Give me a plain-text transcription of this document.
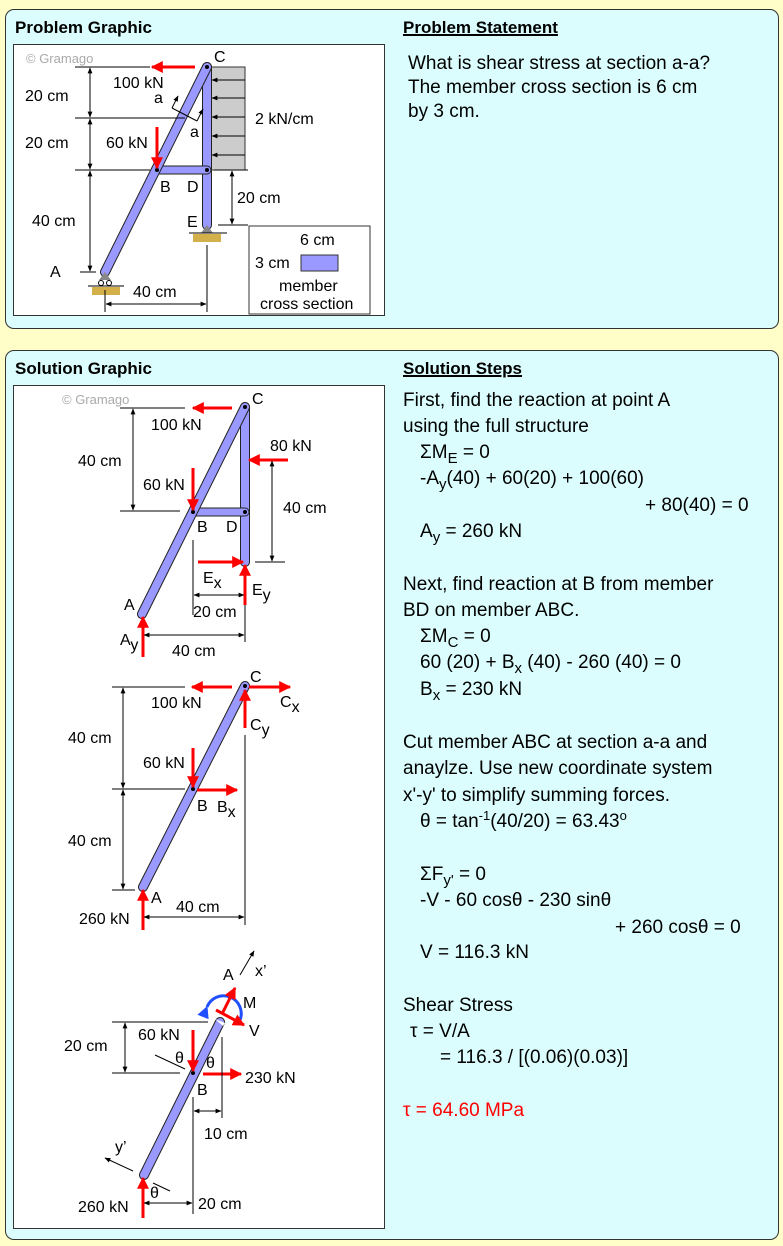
Problem Graphic	Problem Statement
What is shear stress at section a-a?
The member cross section is 6 cm
by 3 cm.
© Gramago	C
B D
E
A
a
a
100 kN
60 kN
2 kN/cm
20 cm
20 cm
40 cm
20 cm
40 cm
6 cm
3 cm
member
cross section
Solution Graphic	Solution Steps
© Gramago	C
B D
A
100 kN
80 kN
60 kN
40 cm
40 cm
20 cm
40 cm
Ex Ey
Ay
C
B
A
100 kN
60 kN
260 kN
40 cm
40 cm
40 cm
Cx
Cy
Bx
A x’
y’
M
V
B
60 kN
230 kN
260 kN
20 cm
10 cm
20 cm
θ θ
θ
First, find the reaction at point A
using the full structure
$\Sigma M_E = 0$
$-A_y(40) + 60(20) + 100(60)$
+ 80(40) = 0
$A_y = 260$ kN
Next, find reaction at B from member
BD on member ABC.
$\Sigma M_C = 0$
60 $(20) + B_x$ (40) - 260 (40) = 0
$B_x = 230$ kN
Cut member ABC at section a-a and
anaylze. Use new coordinate system
x'-y' to simplify summing forces.
$\theta = \tan^{-1}(40/20) = 63.43^o$
$\Sigma F_{y'} = 0$
-V - 60 cosθ - 230 sinθ
+ 260 cosθ = 0
V = 116.3 kN
Shear Stress
τ = V/A
= 116.3 / [(0.06)(0.03)]
τ = 64.60 MPa
